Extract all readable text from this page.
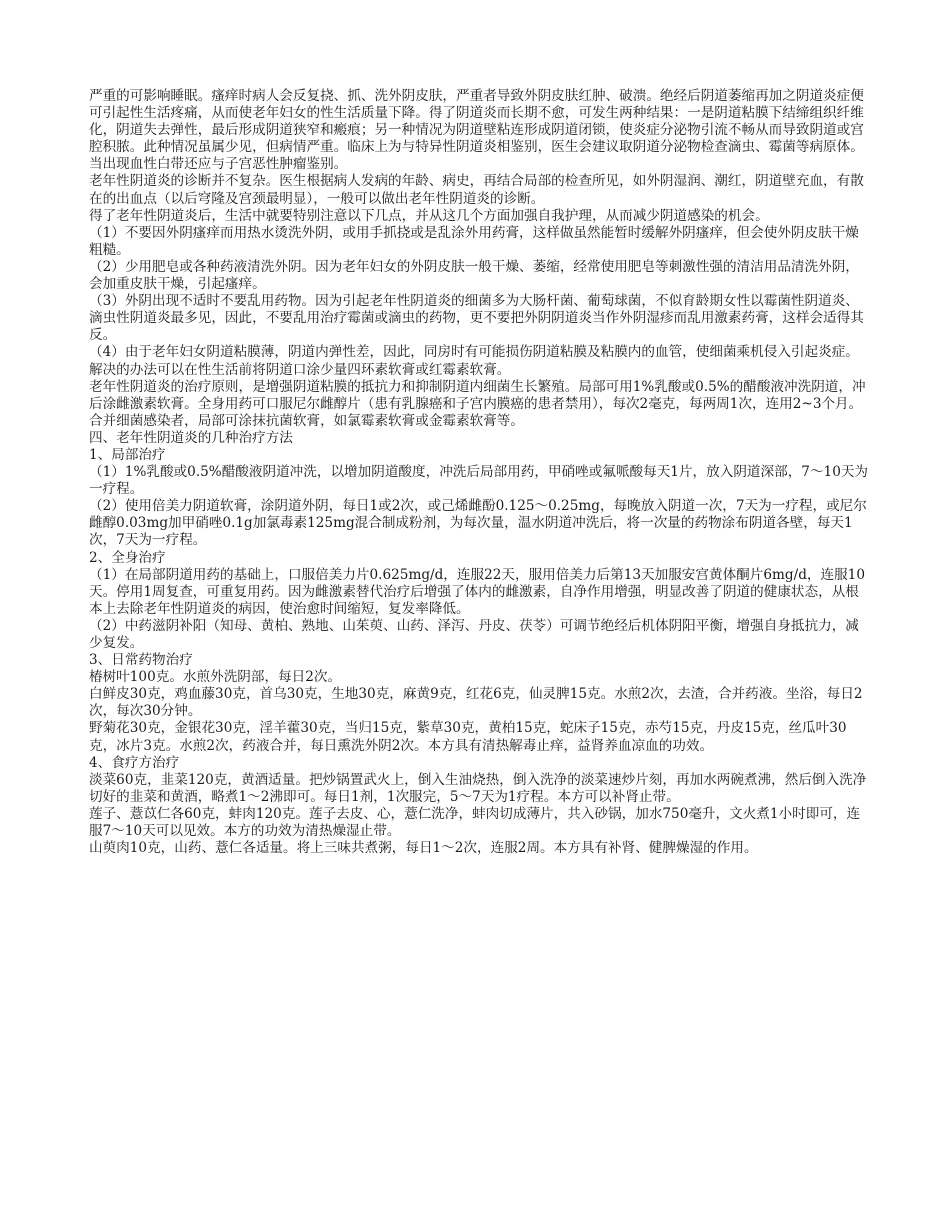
严重的可影响睡眠。瘙痒时病人会反复挠、抓、洗外阴皮肤，严重者导致外阴皮肤红肿、破溃。绝经后阴道萎缩再加之阴道炎症便可引起性生活疼痛，从而使老年妇女的性生活质量下降。得了阴道炎而长期不愈，可发生两种结果：一是阴道粘膜下结缔组织纤维化，阴道失去弹性，最后形成阴道狭窄和瘢痕；另一种情况为阴道壁粘连形成阴道闭锁，使炎症分泌物引流不畅从而导致阴道或宫腔积脓。此种情况虽属少见，但病情严重。临床上为与特异性阴道炎相鉴别，医生会建议取阴道分泌物检查滴虫、霉菌等病原体。当出现血性白带还应与子宫恶性肿瘤鉴别。

老年性阴道炎的诊断并不复杂。医生根据病人发病的年龄、病史，再结合局部的检查所见，如外阴湿润、潮红，阴道壁充血，有散在的出血点（以后穹隆及宫颈最明显），一般可以做出老年性阴道炎的诊断。

得了老年性阴道炎后，生活中就要特别注意以下几点，并从这几个方面加强自我护理，从而减少阴道感染的机会。

（1）不要因外阴瘙痒而用热水烫洗外阴，或用手抓挠或是乱涂外用药膏，这样做虽然能暂时缓解外阴瘙痒，但会使外阴皮肤干燥粗糙。

（2）少用肥皂或各种药液清洗外阴。因为老年妇女的外阴皮肤一般干燥、萎缩，经常使用肥皂等刺激性强的清洁用品清洗外阴，会加重皮肤干燥，引起瘙痒。

（3）外阴出现不适时不要乱用药物。因为引起老年性阴道炎的细菌多为大肠杆菌、葡萄球菌，不似育龄期女性以霉菌性阴道炎、滴虫性阴道炎最多见，因此，不要乱用治疗霉菌或滴虫的药物，更不要把外阴阴道炎当作外阴湿疹而乱用激素药膏，这样会适得其反。

（4）由于老年妇女阴道粘膜薄，阴道内弹性差，因此，同房时有可能损伤阴道粘膜及粘膜内的血管，使细菌乘机侵入引起炎症。解决的办法可以在性生活前将阴道口涂少量四环素软膏或红霉素软膏。

老年性阴道炎的治疗原则，是增强阴道粘膜的抵抗力和抑制阴道内细菌生长繁殖。局部可用1%乳酸或0.5%的醋酸液冲洗阴道，冲后涂雌激素软膏。全身用药可口服尼尔雌醇片（患有乳腺癌和子宫内膜癌的患者禁用），每次2毫克，每两周1次，连用2~3个月。合并细菌感染者，局部可涂抹抗菌软膏，如氯霉素软膏或金霉素软膏等。

四、老年性阴道炎的几种治疗方法

1、局部治疗

（1）1%乳酸或0.5%醋酸液阴道冲洗，以增加阴道酸度，冲洗后局部用药，甲硝唑或氟哌酸每天1片，放入阴道深部，7～10天为一疗程。

（2）使用倍美力阴道软膏，涂阴道外阴，每日1或2次，或己烯雌酚0.125～0.25mg，每晚放入阴道一次，7天为一疗程，或尼尔雌醇0.03mg加甲硝唑0.1g加氯毒素125mg混合制成粉剂，为每次量，温水阴道冲洗后，将一次量的药物涂布阴道各壁，每天1次，7天为一疗程。

2、全身治疗

（1）在局部阴道用药的基础上，口服倍美力片0.625mg/d，连服22天，服用倍美力后第13天加服安宫黄体酮片6mg/d，连服10天。停用1周复查，可重复用药。因为雌激素替代治疗后增强了体内的雌激素，自净作用增强，明显改善了阴道的健康状态，从根本上去除老年性阴道炎的病因，使治愈时间缩短，复发率降低。

（2）中药滋阴补阳（知母、黄柏、熟地、山茱萸、山药、泽泻、丹皮、茯苓）可调节绝经后机体阴阳平衡，增强自身抵抗力，减少复发。

3、日常药物治疗

椿树叶100克。水煎外洗阴部，每日2次。

白鲜皮30克，鸡血藤30克，首乌30克，生地30克，麻黄9克，红花6克，仙灵脾15克。水煎2次，去渣，合并药液。坐浴，每日2次，每次30分钟。

野菊花30克，金银花30克，淫羊藿30克，当归15克，紫草30克，黄柏15克，蛇床子15克，赤芍15克，丹皮15克，丝瓜叶30克，冰片3克。水煎2次，药液合并，每日熏洗外阴2次。本方具有清热解毒止痒，益肾养血凉血的功效。

4、食疗方治疗

淡菜60克，韭菜120克，黄酒适量。把炒锅置武火上，倒入生油烧热，倒入洗净的淡菜速炒片刻，再加水两碗煮沸，然后倒入洗净切好的韭菜和黄酒，略煮1～2沸即可。每日1剂，1次服完，5～7天为1疗程。本方可以补肾止带。

莲子、薏苡仁各60克，蚌肉120克。莲子去皮、心，薏仁洗净，蚌肉切成薄片，共入砂锅，加水750毫升，文火煮1小时即可，连服7～10天可以见效。本方的功效为清热燥湿止带。

山萸肉10克，山药、薏仁各适量。将上三味共煮粥，每日1～2次，连服2周。本方具有补肾、健脾燥湿的作用。
